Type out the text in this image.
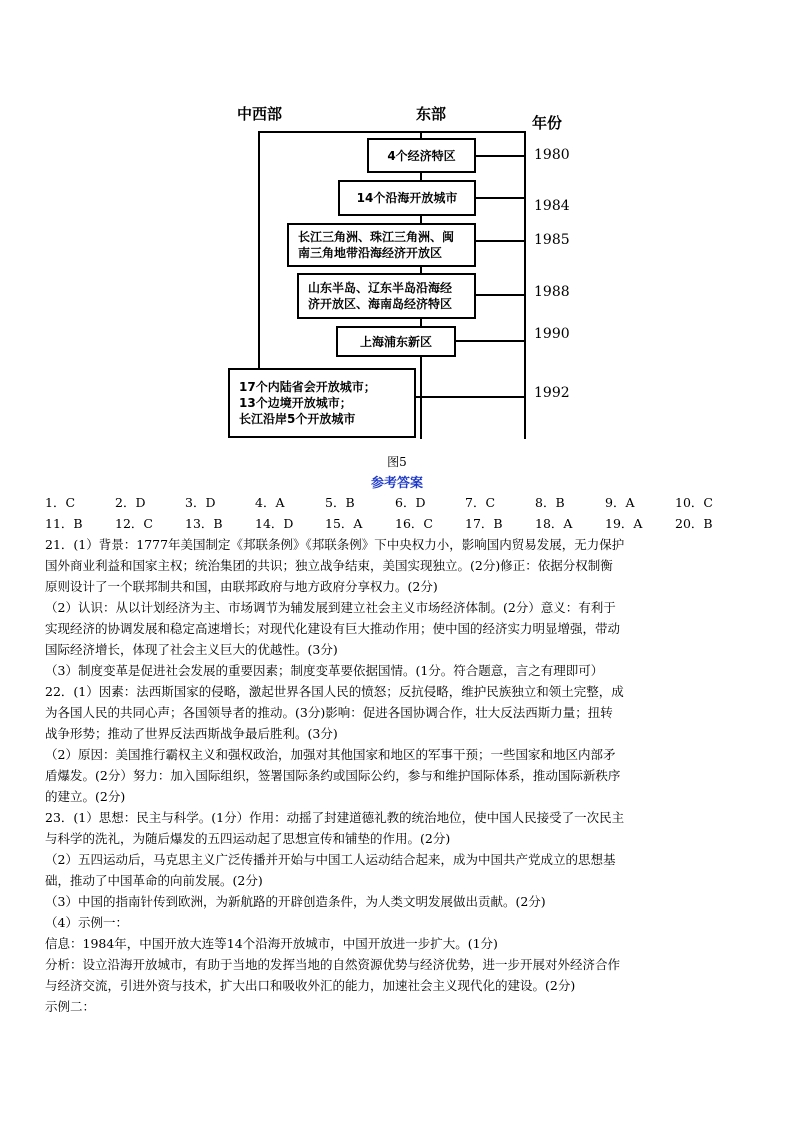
中西部	东部	年份
4个经济特区
14个沿海开放城市
长江三角洲、珠江三角洲、闽
南三角地带沿海经济开放区
山东半岛、辽东半岛沿海经
济开放区、海南岛经济特区
上海浦东新区
17个内陆省会开放城市；
13个边境开放城市；
长江沿岸5个开放城市
1980
1984
1985
1988
1990
1992
图5
参考答案
1．C	2．D	3．D	4．A	5．B	6．D	7．C	8．B	9．A	10．C
11．B	12．C	13．B	14．D	15．A	16．C	17．B	18．A	19．A	20．B
21．(1）背景：1777年美国制定《邦联条例》《邦联条例》下中央权力小，影响国内贸易发展，无力保护
国外商业利益和国家主权；统治集团的共识；独立战争结束，美国实现独立。(2分)修正：依据分权制衡
原则设计了一个联邦制共和国，由联邦政府与地方政府分享权力。(2分)
（2）认识：从以计划经济为主、市场调节为辅发展到建立社会主义市场经济体制。(2分）意义：有利于
实现经济的协调发展和稳定高速增长；对现代化建设有巨大推动作用；使中国的经济实力明显增强，带动
国际经济增长，体现了社会主义巨大的优越性。(3分)
（3）制度变革是促进社会发展的重要因素；制度变革要依据国情。(1分。符合题意，言之有理即可）
22．(1）因素：法西斯国家的侵略，激起世界各国人民的愤怒；反抗侵略，维护民族独立和领土完整，成
为各国人民的共同心声；各国领导者的推动。(3分)影响：促进各国协调合作，壮大反法西斯力量；扭转
战争形势；推动了世界反法西斯战争最后胜利。(3分)
（2）原因：美国推行霸权主义和强权政治，加强对其他国家和地区的军事干预；一些国家和地区内部矛
盾爆发。(2分）努力：加入国际组织，签署国际条约或国际公约，参与和维护国际体系，推动国际新秩序
的建立。(2分)
23．(1）思想：民主与科学。(1分）作用：动摇了封建道德礼教的统治地位，使中国人民接受了一次民主
与科学的洗礼，为随后爆发的五四运动起了思想宣传和铺垫的作用。(2分)
（2）五四运动后，马克思主义广泛传播并开始与中国工人运动结合起来，成为中国共产党成立的思想基
础，推动了中国革命的向前发展。(2分)
（3）中国的指南针传到欧洲，为新航路的开辟创造条件，为人类文明发展做出贡献。(2分)
（4）示例一：
信息：1984年，中国开放大连等14个沿海开放城市，中国开放进一步扩大。(1分)
分析：设立沿海开放城市，有助于当地的发挥当地的自然资源优势与经济优势，进一步开展对外经济合作
与经济交流，引进外资与技术，扩大出口和吸收外汇的能力，加速社会主义现代化的建设。(2分)
示例二：
